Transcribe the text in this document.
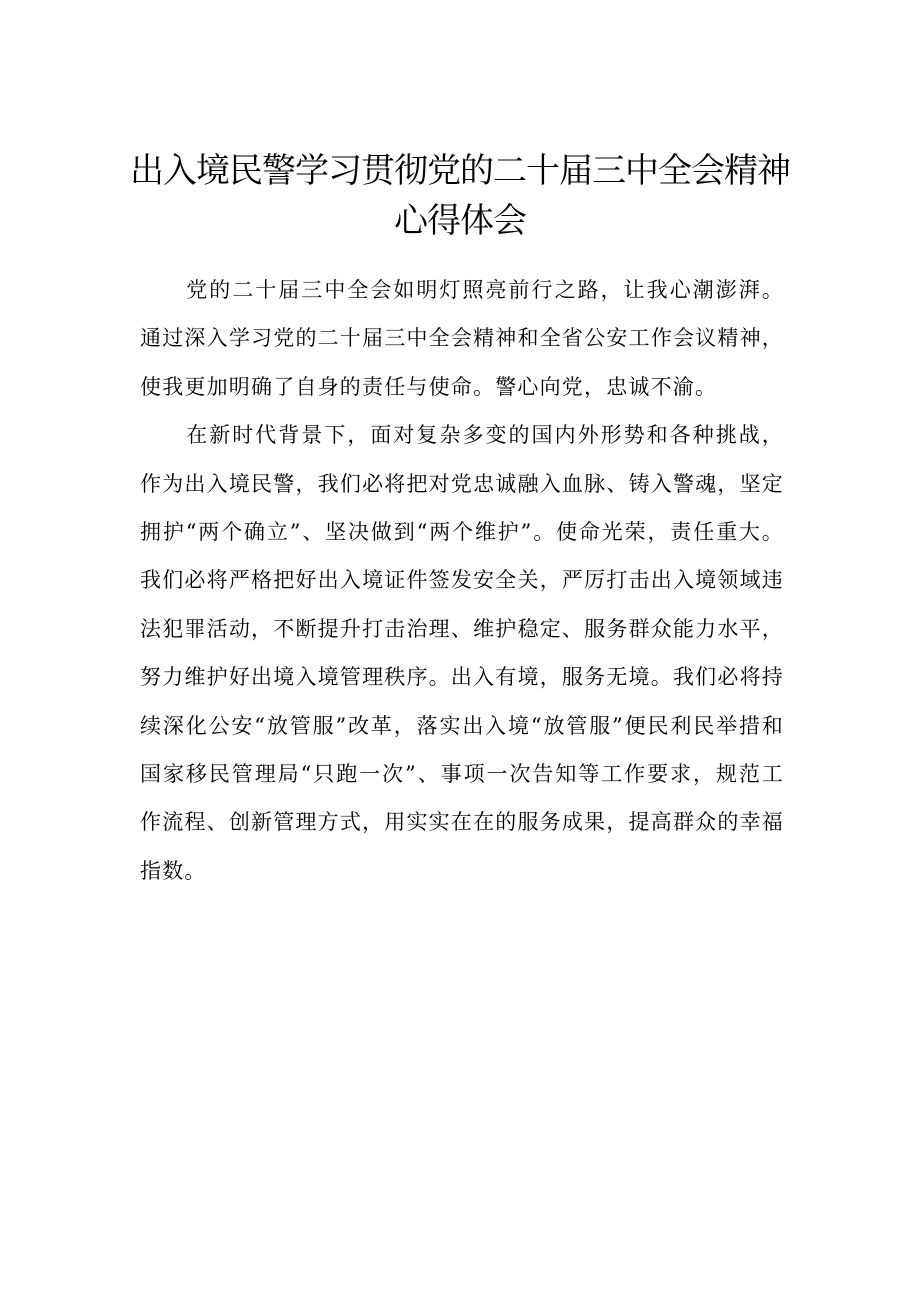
出入境民警学习贯彻党的二十届三中全会精神
心得体会

党的二十届三中全会如明灯照亮前行之路，让我心潮澎湃。通过深入学习党的二十届三中全会精神和全省公安工作会议精神，使我更加明确了自身的责任与使命。警心向党，忠诚不渝。

在新时代背景下，面对复杂多变的国内外形势和各种挑战，作为出入境民警，我们必将把对党忠诚融入血脉、铸入警魂，坚定拥护“两个确立”、坚决做到“两个维护”。使命光荣，责任重大。我们必将严格把好出入境证件签发安全关，严厉打击出入境领域违法犯罪活动，不断提升打击治理、维护稳定、服务群众能力水平，努力维护好出境入境管理秩序。出入有境，服务无境。我们必将持续深化公安“放管服”改革，落实出入境“放管服”便民利民举措和国家移民管理局“只跑一次”、事项一次告知等工作要求，规范工作流程、创新管理方式，用实实在在的服务成果，提高群众的幸福指数。
